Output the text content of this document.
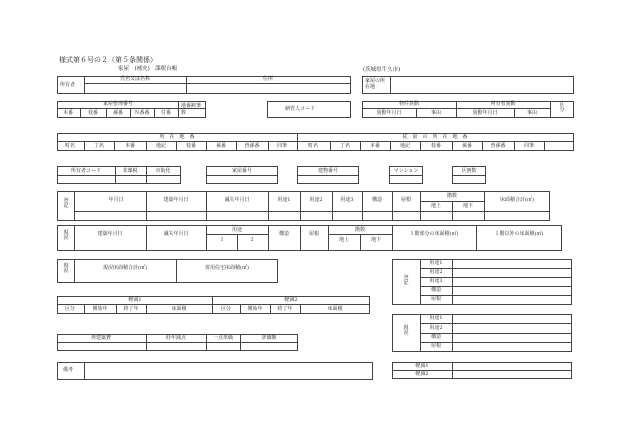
様式第６号の２（第５条関係）
家屋　(補充)　課税台帳	(茨城県牛久市)
所有者
氏名又は名称	住所	家屋の所在地
家屋整理番号
本番	枝番	孫番 Ｎ番番 付番
地番跨筆数
納管人コード
物件異動	所有者異動
異動年月日	事由	異動年月日	事由
区分
所　在　地　番	従　前　の　所　在　地　番
町名	丁名	本番	地記	枝番	孫番	曽孫番	同筆	町名	丁名	本番	地記	枝番	孫番	曽孫番	同筆
所有者コード	非課税	市街化	家屋番号	建物番号	マンション	区画数
登記
年月日	建築年月日	滅失年月日	用途1	用途2	用途3	構造	屋根
階数
地上	地下
床面積合計(㎡)
現況
建築年月日	滅失年月日
用途
１	２
構造	屋根
階数
地上	地下
１階部分の床面積(㎡)	１階以外の床面積(㎡)
現況
現況床面積合計(㎡)	併用住宅床面積(㎡)
登記
用途1
用途2
用途3
構造
屋根
軽減1	軽減2
区分	開始年	終了年	床面積	区分	開始年	終了年	床面積
再建築費	経年減点	一点単価	評価額
現況
用途1
用途2
構造
屋根
備考
軽減1
軽減2
